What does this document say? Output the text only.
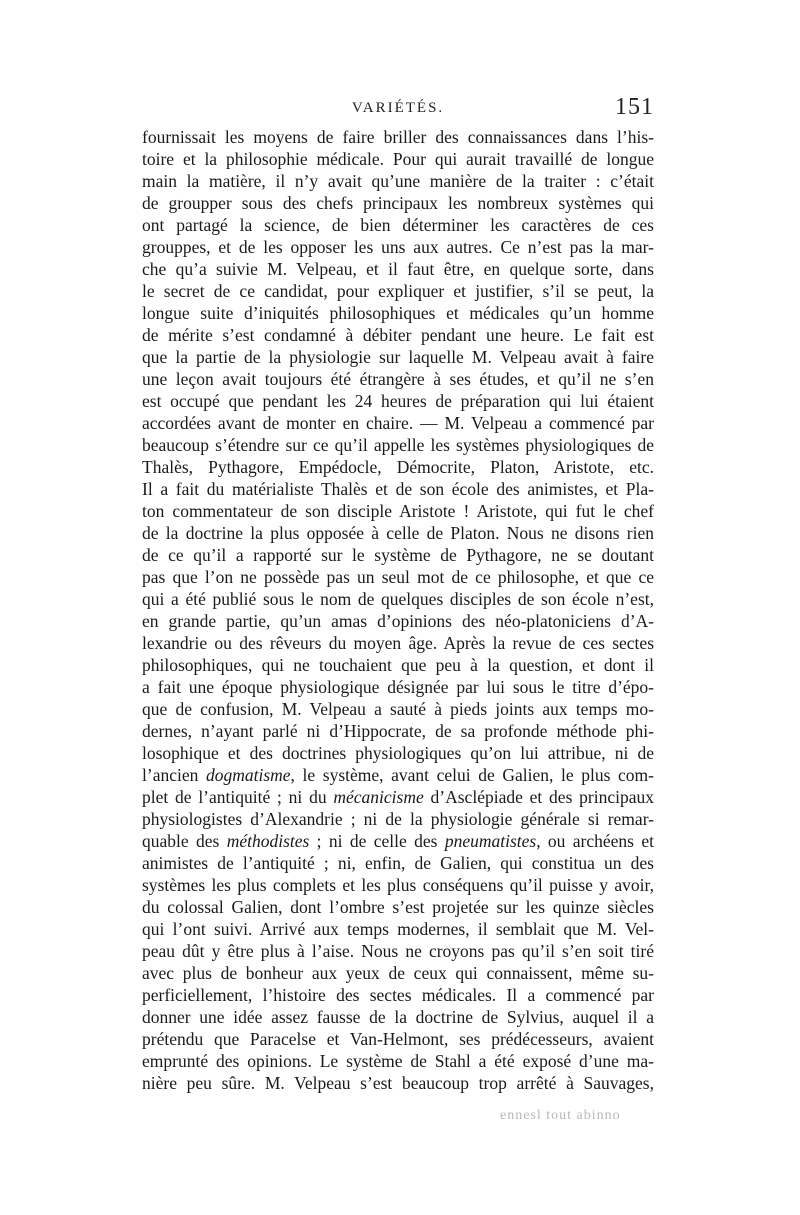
VARIÉTÉS.	151
fournissait les moyens de faire briller des connaissances dans l’his-
toire et la philosophie médicale. Pour qui aurait travaillé de longue
main la matière, il n’y avait qu’une manière de la traiter : c’était
de groupper sous des chefs principaux les nombreux systèmes qui
ont partagé la science, de bien déterminer les caractères de ces
grouppes, et de les opposer les uns aux autres. Ce n’est pas la mar-
che qu’a suivie M. Velpeau, et il faut être, en quelque sorte, dans
le secret de ce candidat, pour expliquer et justifier, s’il se peut, la
longue suite d’iniquités philosophiques et médicales qu’un homme
de mérite s’est condamné à débiter pendant une heure. Le fait est
que la partie de la physiologie sur laquelle M. Velpeau avait à faire
une leçon avait toujours été étrangère à ses études, et qu’il ne s’en
est occupé que pendant les 24 heures de préparation qui lui étaient
accordées avant de monter en chaire. — M. Velpeau a commencé par
beaucoup s’étendre sur ce qu’il appelle les systèmes physiologiques de
Thalès, Pythagore, Empédocle, Démocrite, Platon, Aristote, etc.
Il a fait du matérialiste Thalès et de son école des animistes, et Pla-
ton commentateur de son disciple Aristote ! Aristote, qui fut le chef
de la doctrine la plus opposée à celle de Platon. Nous ne disons rien
de ce qu’il a rapporté sur le système de Pythagore, ne se doutant
pas que l’on ne possède pas un seul mot de ce philosophe, et que ce
qui a été publié sous le nom de quelques disciples de son école n’est,
en grande partie, qu’un amas d’opinions des néo-platoniciens d’A-
lexandrie ou des rêveurs du moyen âge. Après la revue de ces sectes
philosophiques, qui ne touchaient que peu à la question, et dont il
a fait une époque physiologique désignée par lui sous le titre d’épo-
que de confusion, M. Velpeau a sauté à pieds joints aux temps mo-
dernes, n’ayant parlé ni d’Hippocrate, de sa profonde méthode phi-
losophique et des doctrines physiologiques qu’on lui attribue, ni de
l’ancien dogmatisme, le système, avant celui de Galien, le plus com-
plet de l’antiquité ; ni du mécanicisme d’Asclépiade et des principaux
physiologistes d’Alexandrie ; ni de la physiologie générale si remar-
quable des méthodistes ; ni de celle des pneumatistes, ou archéens et
animistes de l’antiquité ; ni, enfin, de Galien, qui constitua un des
systèmes les plus complets et les plus conséquens qu’il puisse y avoir,
du colossal Galien, dont l’ombre s’est projetée sur les quinze siècles
qui l’ont suivi. Arrivé aux temps modernes, il semblait que M. Vel-
peau dût y être plus à l’aise. Nous ne croyons pas qu’il s’en soit tiré
avec plus de bonheur aux yeux de ceux qui connaissent, même su-
perficiellement, l’histoire des sectes médicales. Il a commencé par
donner une idée assez fausse de la doctrine de Sylvius, auquel il a
prétendu que Paracelse et Van-Helmont, ses prédécesseurs, avaient
emprunté des opinions. Le système de Stahl a été exposé d’une ma-
nière peu sûre. M. Velpeau s’est beaucoup trop arrêté à Sauvages,
ennesl tout abinno
